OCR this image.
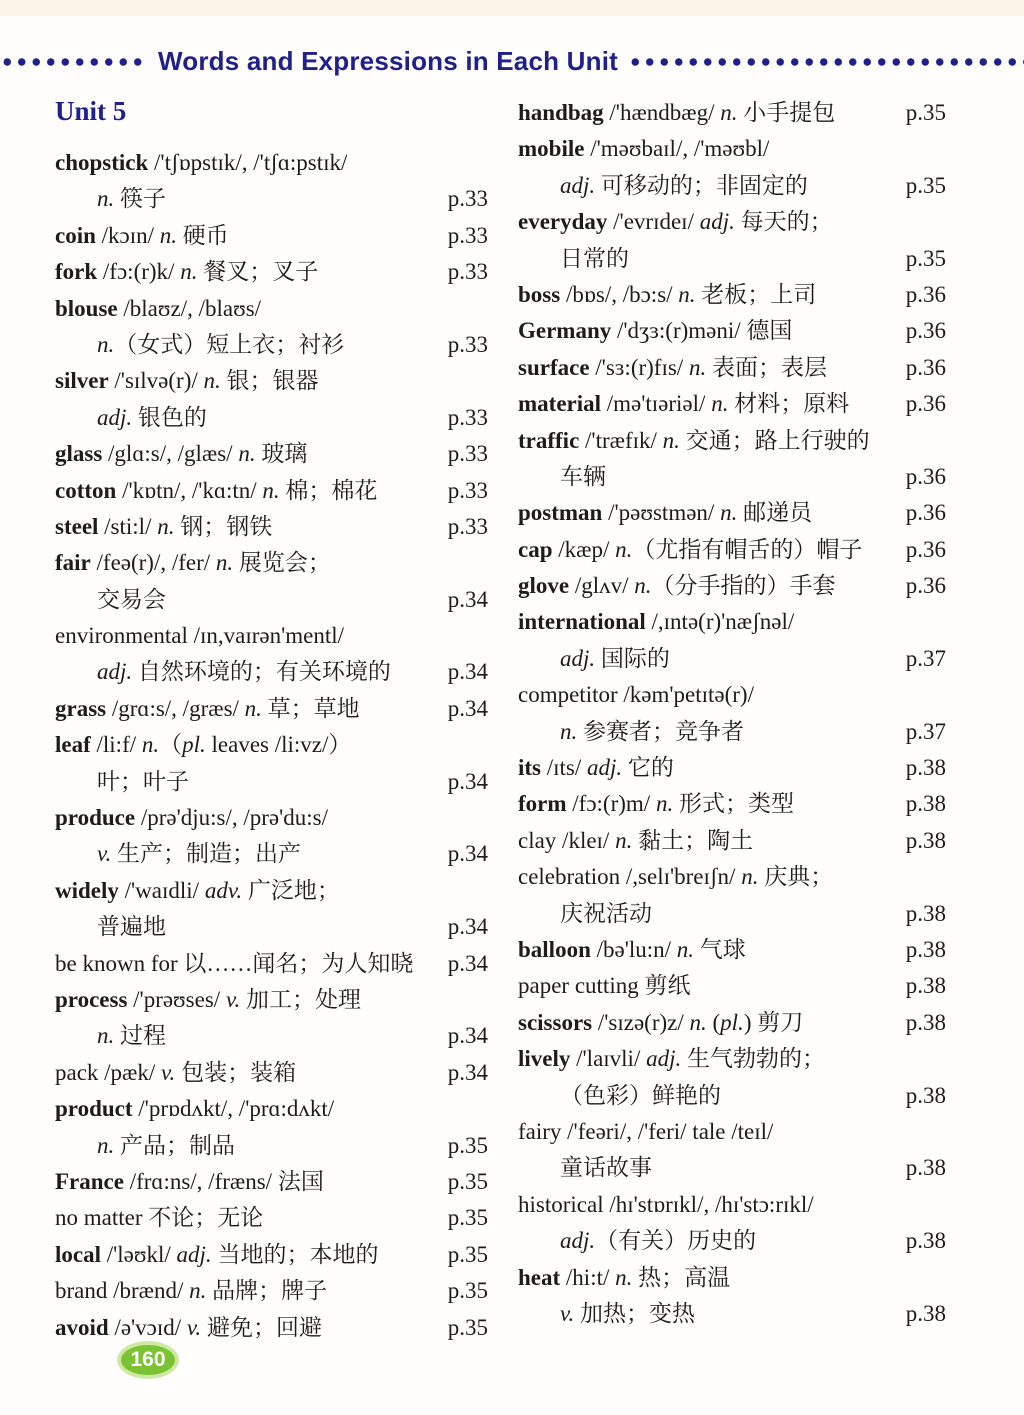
Words and Expressions in Each Unit
Unit 5
chopstick /'tʃɒpstɪk/, /'tʃɑ:pstɪk/
n. 筷子	p.33
coin /kɔɪn/ n. 硬币	p.33
fork /fɔ:(r)k/ n. 餐叉；叉子	p.33
blouse /blaʊz/, /blaʊs/
n.（女式）短上衣；衬衫	p.33
silver /'sɪlvə(r)/ n. 银；银器
adj. 银色的	p.33
glass /glɑ:s/, /glæs/ n. 玻璃	p.33
cotton /'kɒtn/, /'kɑ:tn/ n. 棉；棉花	p.33
steel /sti:l/ n. 钢；钢铁	p.33
fair /feə(r)/, /fer/ n. 展览会；
交易会	p.34
environmental /ɪn,vaɪrən'mentl/
adj. 自然环境的；有关环境的	p.34
grass /grɑ:s/, /græs/ n. 草；草地	p.34
leaf /li:f/ n.（pl. leaves /li:vz/）
叶；叶子	p.34
produce /prə'dju:s/, /prə'du:s/
v. 生产；制造；出产	p.34
widely /'waɪdli/ adv. 广泛地；
普遍地	p.34
be known for 以……闻名；为人知晓	p.34
process /'prəʊses/ v. 加工；处理
n. 过程	p.34
pack /pæk/ v. 包装；装箱	p.34
product /'prɒdʌkt/, /'prɑ:dʌkt/
n. 产品；制品	p.35
France /frɑ:ns/, /fræns/ 法国	p.35
no matter 不论；无论	p.35
local /'ləʊkl/ adj. 当地的；本地的	p.35
brand /brænd/ n. 品牌；牌子	p.35
avoid /ə'vɔɪd/ v. 避免；回避	p.35
handbag /'hændbæg/ n. 小手提包	p.35
mobile /'məʊbaɪl/, /'məʊbl/
adj. 可移动的；非固定的	p.35
everyday /'evrɪdeɪ/ adj. 每天的；
日常的	p.35
boss /bɒs/, /bɔ:s/ n. 老板；上司	p.36
Germany /'dʒɜ:(r)məni/ 德国	p.36
surface /'sɜ:(r)fɪs/ n. 表面；表层	p.36
material /mə'tɪəriəl/ n. 材料；原料	p.36
traffic /'træfɪk/ n. 交通；路上行驶的
车辆	p.36
postman /'pəʊstmən/ n. 邮递员	p.36
cap /kæp/ n.（尤指有帽舌的）帽子	p.36
glove /glʌv/ n.（分手指的）手套	p.36
international /,ɪntə(r)'næʃnəl/
adj. 国际的	p.37
competitor /kəm'petɪtə(r)/
n. 参赛者；竞争者	p.37
its /ɪts/ adj. 它的	p.38
form /fɔ:(r)m/ n. 形式；类型	p.38
clay /kleɪ/ n. 黏土；陶土	p.38
celebration /,selɪ'breɪʃn/ n. 庆典；
庆祝活动	p.38
balloon /bə'lu:n/ n. 气球	p.38
paper cutting 剪纸	p.38
scissors /'sɪzə(r)z/ n. (pl.) 剪刀	p.38
lively /'laɪvli/ adj. 生气勃勃的；
（色彩）鲜艳的	p.38
fairy /'feəri/, /'feri/ tale /teɪl/
童话故事	p.38
historical /hɪ'stɒrɪkl/, /hɪ'stɔ:rɪkl/
adj.（有关）历史的	p.38
heat /hi:t/ n. 热；高温
v. 加热；变热	p.38
160
